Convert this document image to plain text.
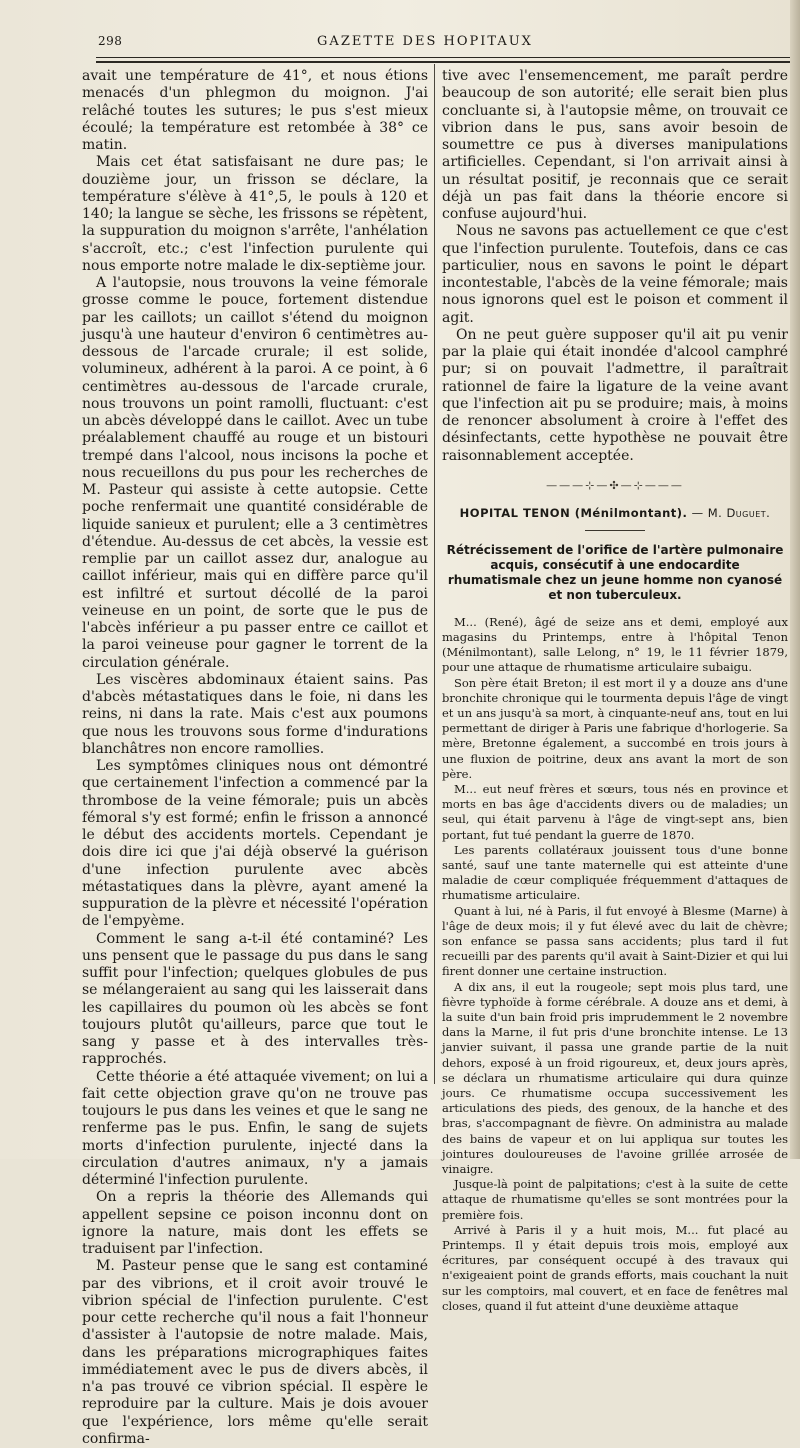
298	GAZETTE DES HOPITAUX

avait une température de 41°, et nous étions menacés d'un phlegmon du moignon. J'ai relâché toutes les sutures; le pus s'est mieux écoulé; la température est retombée à 38° ce matin.

Mais cet état satisfaisant ne dure pas; le douzième jour, un frisson se déclare, la température s'élève à 41°,5, le pouls à 120 et 140; la langue se sèche, les frissons se répètent, la suppuration du moignon s'arrête, l'anhélation s'accroît, etc.; c'est l'infection purulente qui nous emporte notre malade le dix-septième jour.

A l'autopsie, nous trouvons la veine fémorale grosse comme le pouce, fortement distendue par les caillots; un caillot s'étend du moignon jusqu'à une hauteur d'environ 6 centimètres au-dessous de l'arcade crurale; il est solide, volumineux, adhérent à la paroi. A ce point, à 6 centimètres au-dessous de l'arcade crurale, nous trouvons un point ramolli, fluctuant: c'est un abcès développé dans le caillot. Avec un tube préalablement chauffé au rouge et un bistouri trempé dans l'alcool, nous incisons la poche et nous recueillons du pus pour les recherches de M. Pasteur qui assiste à cette autopsie. Cette poche renfermait une quantité considérable de liquide sanieux et purulent; elle a 3 centimètres d'étendue. Au-dessus de cet abcès, la vessie est remplie par un caillot assez dur, analogue au caillot inférieur, mais qui en diffère parce qu'il est infiltré et surtout décollé de la paroi veineuse en un point, de sorte que le pus de l'abcès inférieur a pu passer entre ce caillot et la paroi veineuse pour gagner le torrent de la circulation générale.

Les viscères abdominaux étaient sains. Pas d'abcès métastatiques dans le foie, ni dans les reins, ni dans la rate. Mais c'est aux poumons que nous les trouvons sous forme d'indurations blanchâtres non encore ramollies.

Les symptômes cliniques nous ont démontré que certainement l'infection a commencé par la thrombose de la veine fémorale; puis un abcès fémoral s'y est formé; enfin le frisson a annoncé le début des accidents mortels. Cependant je dois dire ici que j'ai déjà observé la guérison d'une infection purulente avec abcès métastatiques dans la plèvre, ayant amené la suppuration de la plèvre et nécessité l'opération de l'empyème.

Comment le sang a-t-il été contaminé? Les uns pensent que le passage du pus dans le sang suffit pour l'infection; quelques globules de pus se mélangeraient au sang qui les laisserait dans les capillaires du poumon où les abcès se font toujours plutôt qu'ailleurs, parce que tout le sang y passe et à des intervalles très-rapprochés.

Cette théorie a été attaquée vivement; on lui a fait cette objection grave qu'on ne trouve pas toujours le pus dans les veines et que le sang ne renferme pas le pus. Enfin, le sang de sujets morts d'infection purulente, injecté dans la circulation d'autres animaux, n'y a jamais déterminé l'infection purulente.

On a repris la théorie des Allemands qui appellent sepsine ce poison inconnu dont on ignore la nature, mais dont les effets se traduisent par l'infection.

M. Pasteur pense que le sang est contaminé par des vibrions, et il croit avoir trouvé le vibrion spécial de l'infection purulente. C'est pour cette recherche qu'il nous a fait l'honneur d'assister à l'autopsie de notre malade. Mais, dans les préparations micrographiques faites immédiatement avec le pus de divers abcès, il n'a pas trouvé ce vibrion spécial. Il espère le reproduire par la culture. Mais je dois avouer que l'expérience, lors même qu'elle serait confirma-

tive avec l'ensemencement, me paraît perdre beaucoup de son autorité; elle serait bien plus concluante si, à l'autopsie même, on trouvait ce vibrion dans le pus, sans avoir besoin de soumettre ce pus à diverses manipulations artificielles. Cependant, si l'on arrivait ainsi à un résultat positif, je reconnais que ce serait déjà un pas fait dans la théorie encore si confuse aujourd'hui.

Nous ne savons pas actuellement ce que c'est que l'infection purulente. Toutefois, dans ce cas particulier, nous en savons le point le départ incontestable, l'abcès de la veine fémorale; mais nous ignorons quel est le poison et comment il agit.

On ne peut guère supposer qu'il ait pu venir par la plaie qui était inondée d'alcool camphré pur; si on pouvait l'admettre, il paraîtrait rationnel de faire la ligature de la veine avant que l'infection ait pu se produire; mais, à moins de renoncer absolument à croire à l'effet des désinfectants, cette hypothèse ne pouvait être raisonnablement acceptée.

———⊹—✣—⊹———
HOPITAL TENON (Ménilmontant). — M. Duguet.
Rétrécissement de l'orifice de l'artère pulmonaire acquis, consécutif à une endocardite rhumatismale chez un jeune homme non cyanosé et non tuberculeux.

M... (René), âgé de seize ans et demi, employé aux magasins du Printemps, entre à l'hôpital Tenon (Ménilmontant), salle Lelong, n° 19, le 11 février 1879, pour une attaque de rhumatisme articulaire subaigu.

Son père était Breton; il est mort il y a douze ans d'une bronchite chronique qui le tourmenta depuis l'âge de vingt et un ans jusqu'à sa mort, à cinquante-neuf ans, tout en lui permettant de diriger à Paris une fabrique d'horlogerie. Sa mère, Bretonne également, a succombé en trois jours à une fluxion de poitrine, deux ans avant la mort de son père.

M... eut neuf frères et sœurs, tous nés en province et morts en bas âge d'accidents divers ou de maladies; un seul, qui était parvenu à l'âge de vingt-sept ans, bien portant, fut tué pendant la guerre de 1870.

Les parents collatéraux jouissent tous d'une bonne santé, sauf une tante maternelle qui est atteinte d'une maladie de cœur compliquée fréquemment d'attaques de rhumatisme articulaire.

Quant à lui, né à Paris, il fut envoyé à Blesme (Marne) à l'âge de deux mois; il y fut élevé avec du lait de chèvre; son enfance se passa sans accidents; plus tard il fut recueilli par des parents qu'il avait à Saint-Dizier et qui lui firent donner une certaine instruction.

A dix ans, il eut la rougeole; sept mois plus tard, une fièvre typhoïde à forme cérébrale. A douze ans et demi, à la suite d'un bain froid pris imprudemment le 2 novembre dans la Marne, il fut pris d'une bronchite intense. Le 13 janvier suivant, il passa une grande partie de la nuit dehors, exposé à un froid rigoureux, et, deux jours après, se déclara un rhumatisme articulaire qui dura quinze jours. Ce rhumatisme occupa successivement les articulations des pieds, des genoux, de la hanche et des bras, s'accompagnant de fièvre. On administra au malade des bains de vapeur et on lui appliqua sur toutes les jointures douloureuses de l'avoine grillée arrosée de vinaigre.

Jusque-là point de palpitations; c'est à la suite de cette attaque de rhumatisme qu'elles se sont montrées pour la première fois.

Arrivé à Paris il y a huit mois, M... fut placé au Printemps. Il y était depuis trois mois, employé aux écritures, par conséquent occupé à des travaux qui n'exigeaient point de grands efforts, mais couchant la nuit sur les comptoirs, mal couvert, et en face de fenêtres mal closes, quand il fut atteint d'une deuxième attaque
